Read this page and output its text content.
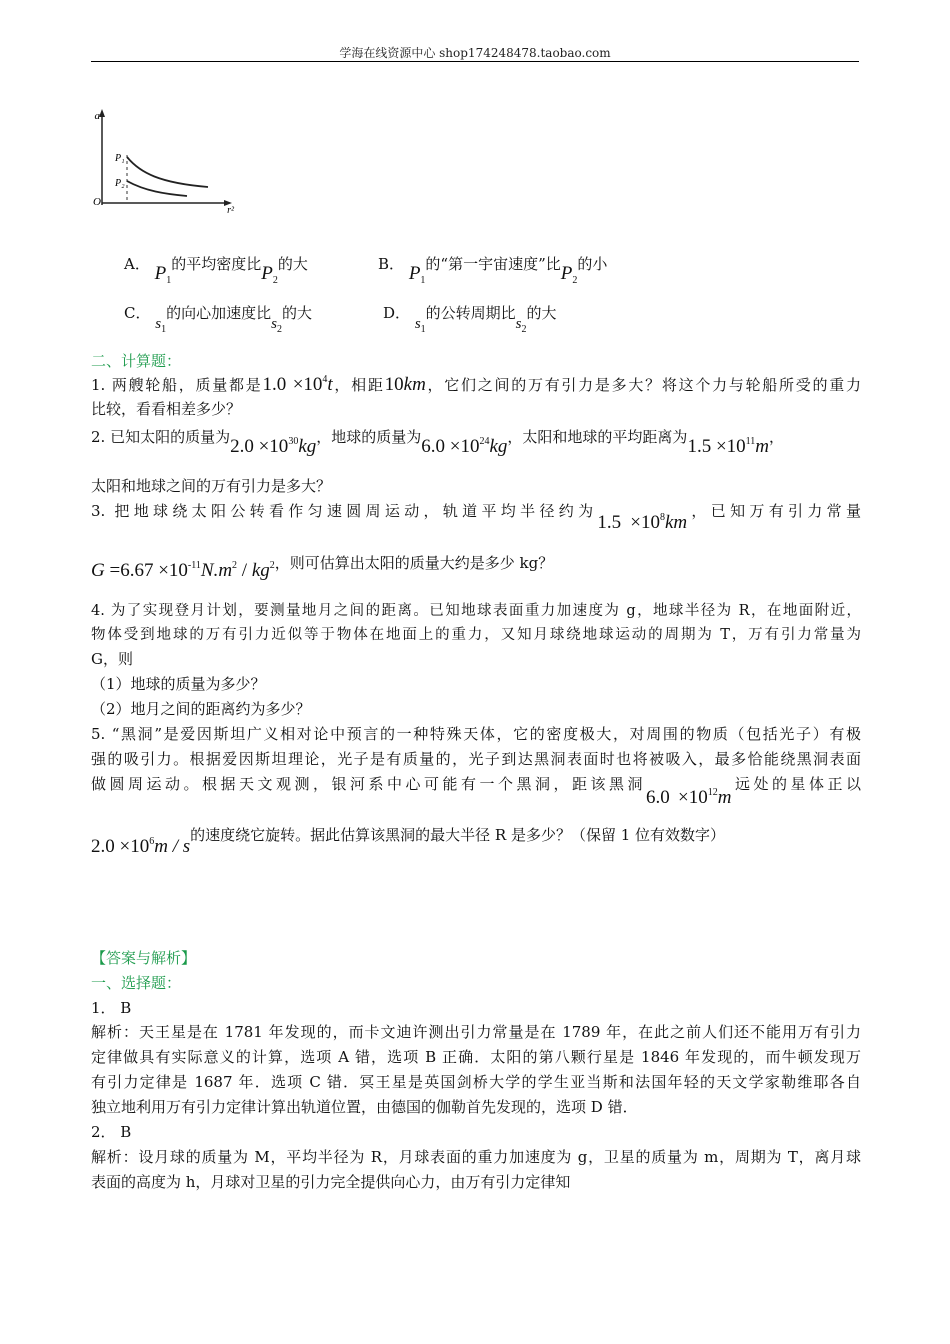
学海在线资源中心 shop174248478.taobao.com
a
r²
O
P₁
P₂
A． $P_1$的平均密度比$P_2$的大	B． $P_1$的“第一宇宙速度”比$P_2$的小
C． $s_1$的向心加速度比$s_2$的大	D． $s_1$的公转周期比$s_2$的大
二、计算题：
1. 两艘轮船，质量都是$1.0 \times 10^4t$，相距10km，它们之间的万有引力是多大？将这个力与轮船所受的重力
比较，看看相差多少？
2. 已知太阳的质量为$2.0 \times 10^{30}kg$，地球的质量为$6.0 \times 10^{24}kg$，太阳和地球的平均距离为$1.5 \times 10^{11}m$，
太阳和地球之间的万有引力是多大？
3. 把地球绕太阳公转看作匀速圆周运动，轨道平均半径约为$1.5 \times 10^8km$，已知万有引力常量
$G =6.67 \times 10^{-11}N.m^2 / kg^2$，则可估算出太阳的质量大约是多少 kg？
4. 为了实现登月计划，要测量地月之间的距离。已知地球表面重力加速度为 g，地球半径为 R，在地面附近，
物体受到地球的万有引力近似等于物体在地面上的重力，又知月球绕地球运动的周期为 T，万有引力常量为
G，则
（1）地球的质量为多少？
（2）地月之间的距离约为多少？
5. “黑洞”是爱因斯坦广义相对论中预言的一种特殊天体，它的密度极大，对周围的物质（包括光子）有极
强的吸引力。根据爱因斯坦理论，光子是有质量的，光子到达黑洞表面时也将被吸入，最多恰能绕黑洞表面
做圆周运动。根据天文观测，银河系中心可能有一个黑洞，距该黑洞$6.0 \times 10^{12}m$远处的星体正以
$2.0 \times 10^6m / s$的速度绕它旋转。据此估算该黑洞的最大半径 R 是多少？（保留 1 位有效数字）
【答案与解析】
一、选择题：
1． B
解析：天王星是在 1781 年发现的，而卡文迪许测出引力常量是在 1789 年，在此之前人们还不能用万有引力
定律做具有实际意义的计算，选项 A 错，选项 B 正确．太阳的第八颗行星是 1846 年发现的，而牛顿发现万
有引力定律是 1687 年．选项 C 错．冥王星是英国剑桥大学的学生亚当斯和法国年轻的天文学家勒维耶各自
独立地利用万有引力定律计算出轨道位置，由德国的伽勒首先发现的，选项 D 错．
2． B
解析：设月球的质量为 M，平均半径为 R，月球表面的重力加速度为 g，卫星的质量为 m，周期为 T，离月球
表面的高度为 h，月球对卫星的引力完全提供向心力，由万有引力定律知
